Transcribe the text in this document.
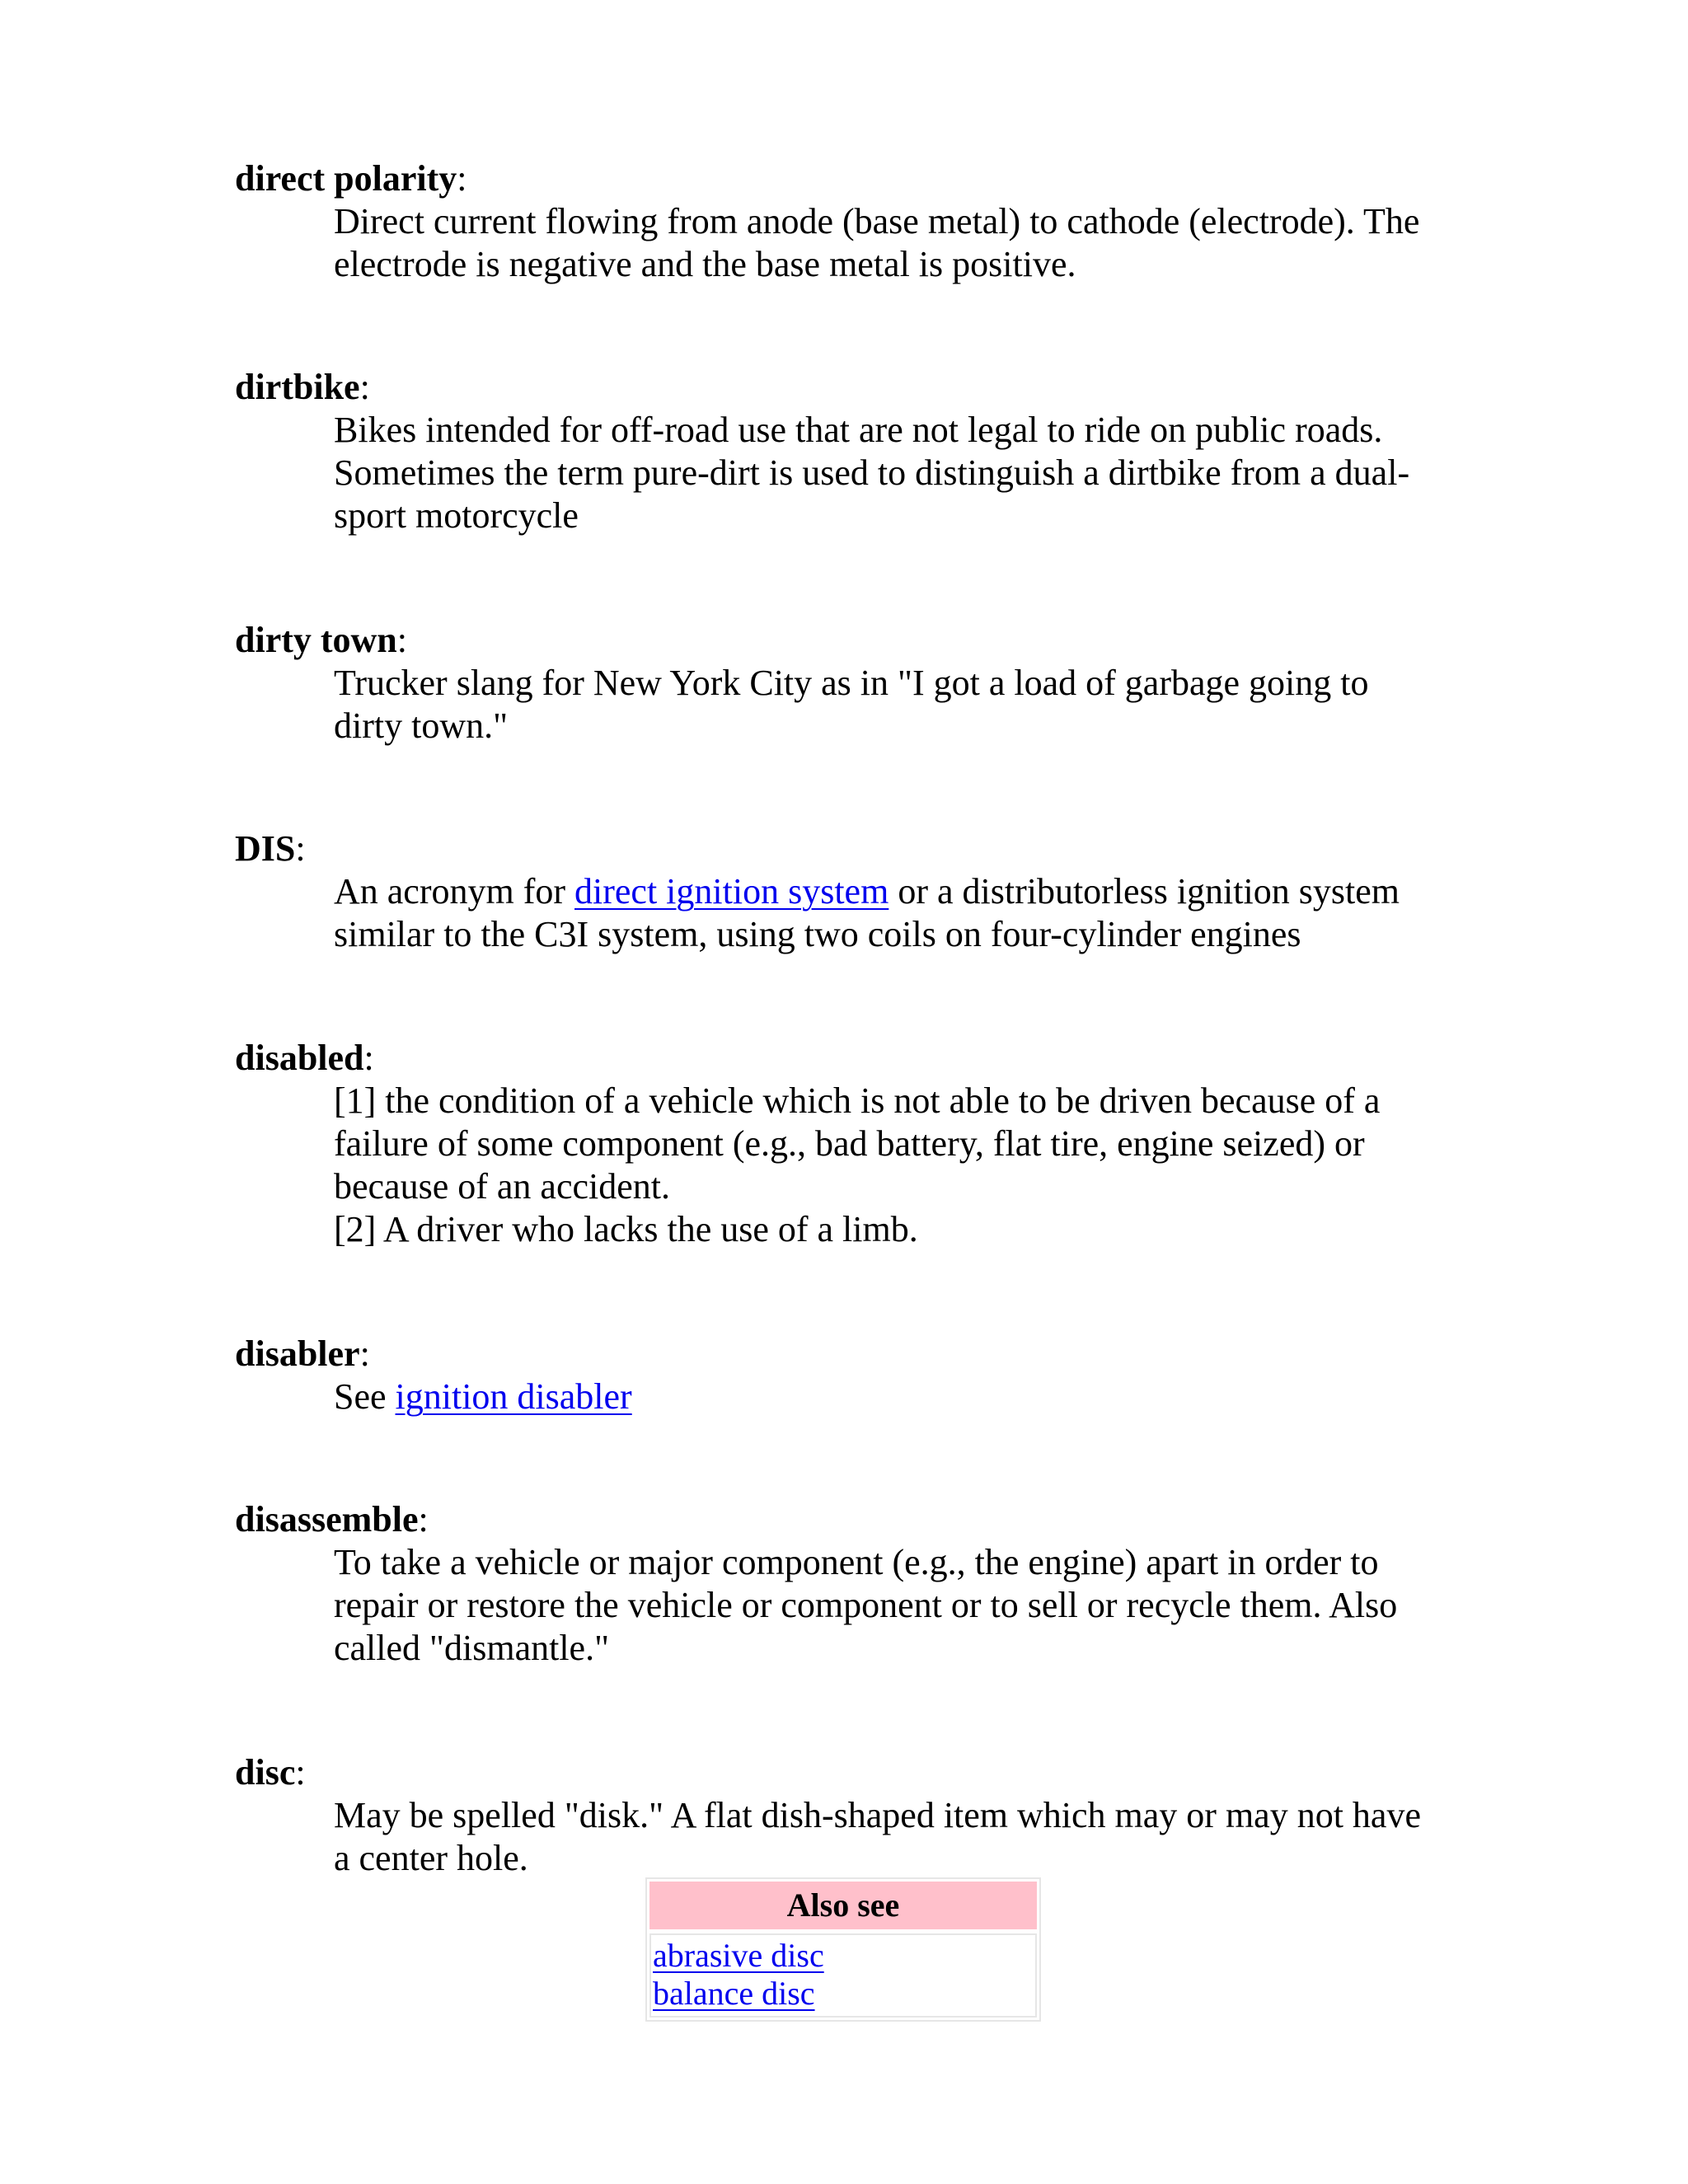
direct polarity:
Direct current flowing from anode (base metal) to cathode (electrode). The
electrode is negative and the base metal is positive.
dirtbike:
Bikes intended for off-road use that are not legal to ride on public roads.
Sometimes the term pure-dirt is used to distinguish a dirtbike from a dual-
sport motorcycle
dirty town:
Trucker slang for New York City as in "I got a load of garbage going to
dirty town."
DIS:
An acronym for direct ignition system or a distributorless ignition system
similar to the C3I system, using two coils on four-cylinder engines
disabled:
[1] the condition of a vehicle which is not able to be driven because of a
failure of some component (e.g., bad battery, flat tire, engine seized) or
because of an accident.
[2] A driver who lacks the use of a limb.
disabler:
See ignition disabler
disassemble:
To take a vehicle or major component (e.g., the engine) apart in order to
repair or restore the vehicle or component or to sell or recycle them. Also
called "dismantle."
disc:
May be spelled "disk." A flat dish-shaped item which may or may not have
a center hole.
Also see
abrasive disc
balance disc
